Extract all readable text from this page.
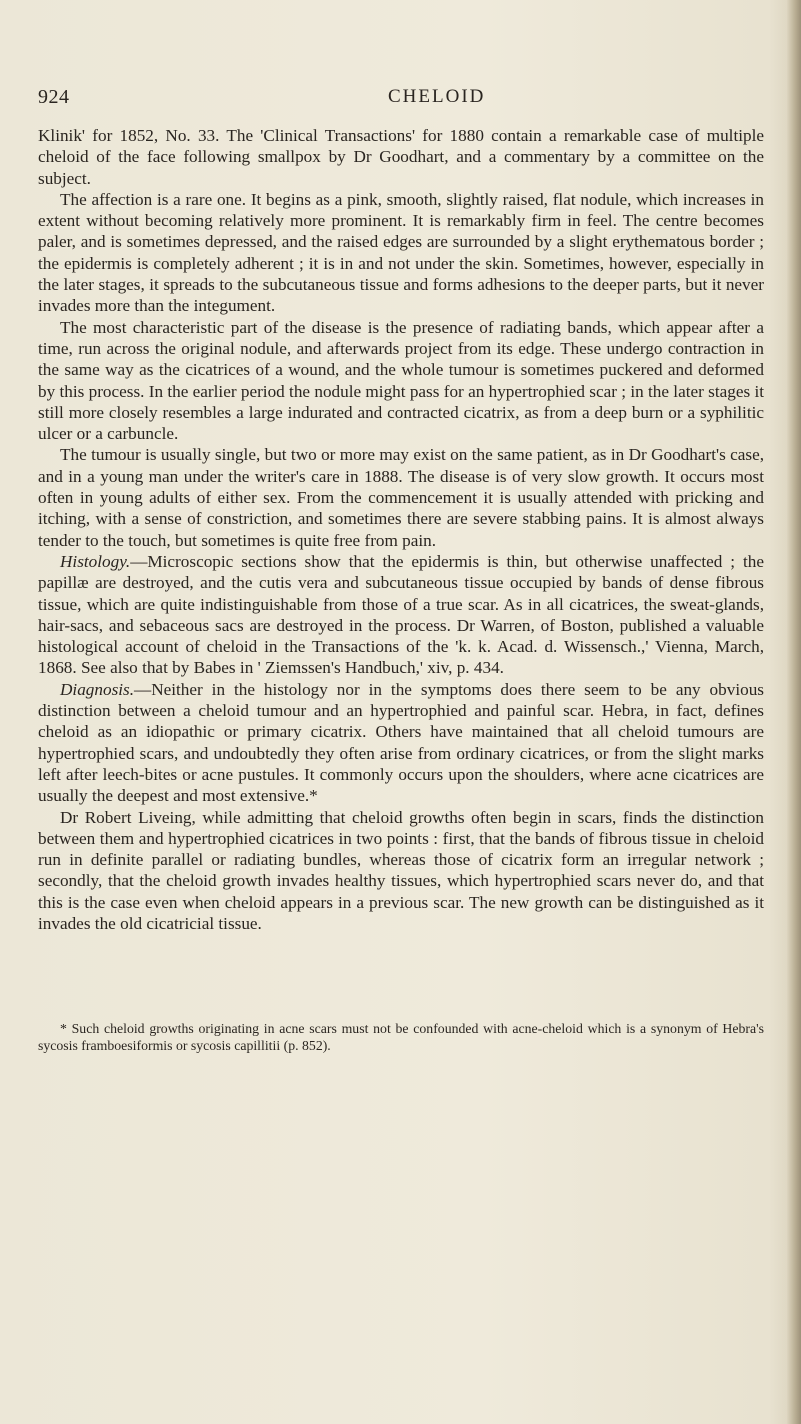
924	CHELOID

Klinik' for 1852, No. 33. The 'Clinical Transactions' for 1880 contain a remarkable case of multiple cheloid of the face following smallpox by Dr Goodhart, and a commentary by a committee on the subject.

The affection is a rare one. It begins as a pink, smooth, slightly raised, flat nodule, which increases in extent without becoming relatively more prominent. It is remarkably firm in feel. The centre becomes paler, and is sometimes depressed, and the raised edges are surrounded by a slight erythematous border ; the epidermis is completely adherent ; it is in and not under the skin. Sometimes, however, especially in the later stages, it spreads to the subcutaneous tissue and forms adhesions to the deeper parts, but it never invades more than the integument.

The most characteristic part of the disease is the presence of radiating bands, which appear after a time, run across the original nodule, and afterwards project from its edge. These undergo contraction in the same way as the cicatrices of a wound, and the whole tumour is sometimes puckered and deformed by this process. In the earlier period the nodule might pass for an hypertrophied scar ; in the later stages it still more closely resembles a large indurated and contracted cicatrix, as from a deep burn or a syphilitic ulcer or a carbuncle.

The tumour is usually single, but two or more may exist on the same patient, as in Dr Goodhart's case, and in a young man under the writer's care in 1888. The disease is of very slow growth. It occurs most often in young adults of either sex. From the commencement it is usually attended with pricking and itching, with a sense of constriction, and sometimes there are severe stabbing pains. It is almost always tender to the touch, but sometimes is quite free from pain.

Histology.—Microscopic sections show that the epidermis is thin, but otherwise unaffected ; the papillæ are destroyed, and the cutis vera and subcutaneous tissue occupied by bands of dense fibrous tissue, which are quite indistinguishable from those of a true scar. As in all cicatrices, the sweat-glands, hair-sacs, and sebaceous sacs are destroyed in the process. Dr Warren, of Boston, published a valuable histological account of cheloid in the Transactions of the 'k. k. Acad. d. Wissensch.,' Vienna, March, 1868. See also that by Babes in ' Ziemssen's Handbuch,' xiv, p. 434.

Diagnosis.—Neither in the histology nor in the symptoms does there seem to be any obvious distinction between a cheloid tumour and an hypertrophied and painful scar. Hebra, in fact, defines cheloid as an idiopathic or primary cicatrix. Others have maintained that all cheloid tumours are hypertrophied scars, and undoubtedly they often arise from ordinary cicatrices, or from the slight marks left after leech-bites or acne pustules. It commonly occurs upon the shoulders, where acne cicatrices are usually the deepest and most extensive.*

Dr Robert Liveing, while admitting that cheloid growths often begin in scars, finds the distinction between them and hypertrophied cicatrices in two points : first, that the bands of fibrous tissue in cheloid run in definite parallel or radiating bundles, whereas those of cicatrix form an irregular network ; secondly, that the cheloid growth invades healthy tissues, which hypertrophied scars never do, and that this is the case even when cheloid appears in a previous scar. The new growth can be distinguished as it invades the old cicatricial tissue.

* Such cheloid growths originating in acne scars must not be confounded with acne-cheloid which is a synonym of Hebra's sycosis framboesiformis or sycosis capillitii (p. 852).
